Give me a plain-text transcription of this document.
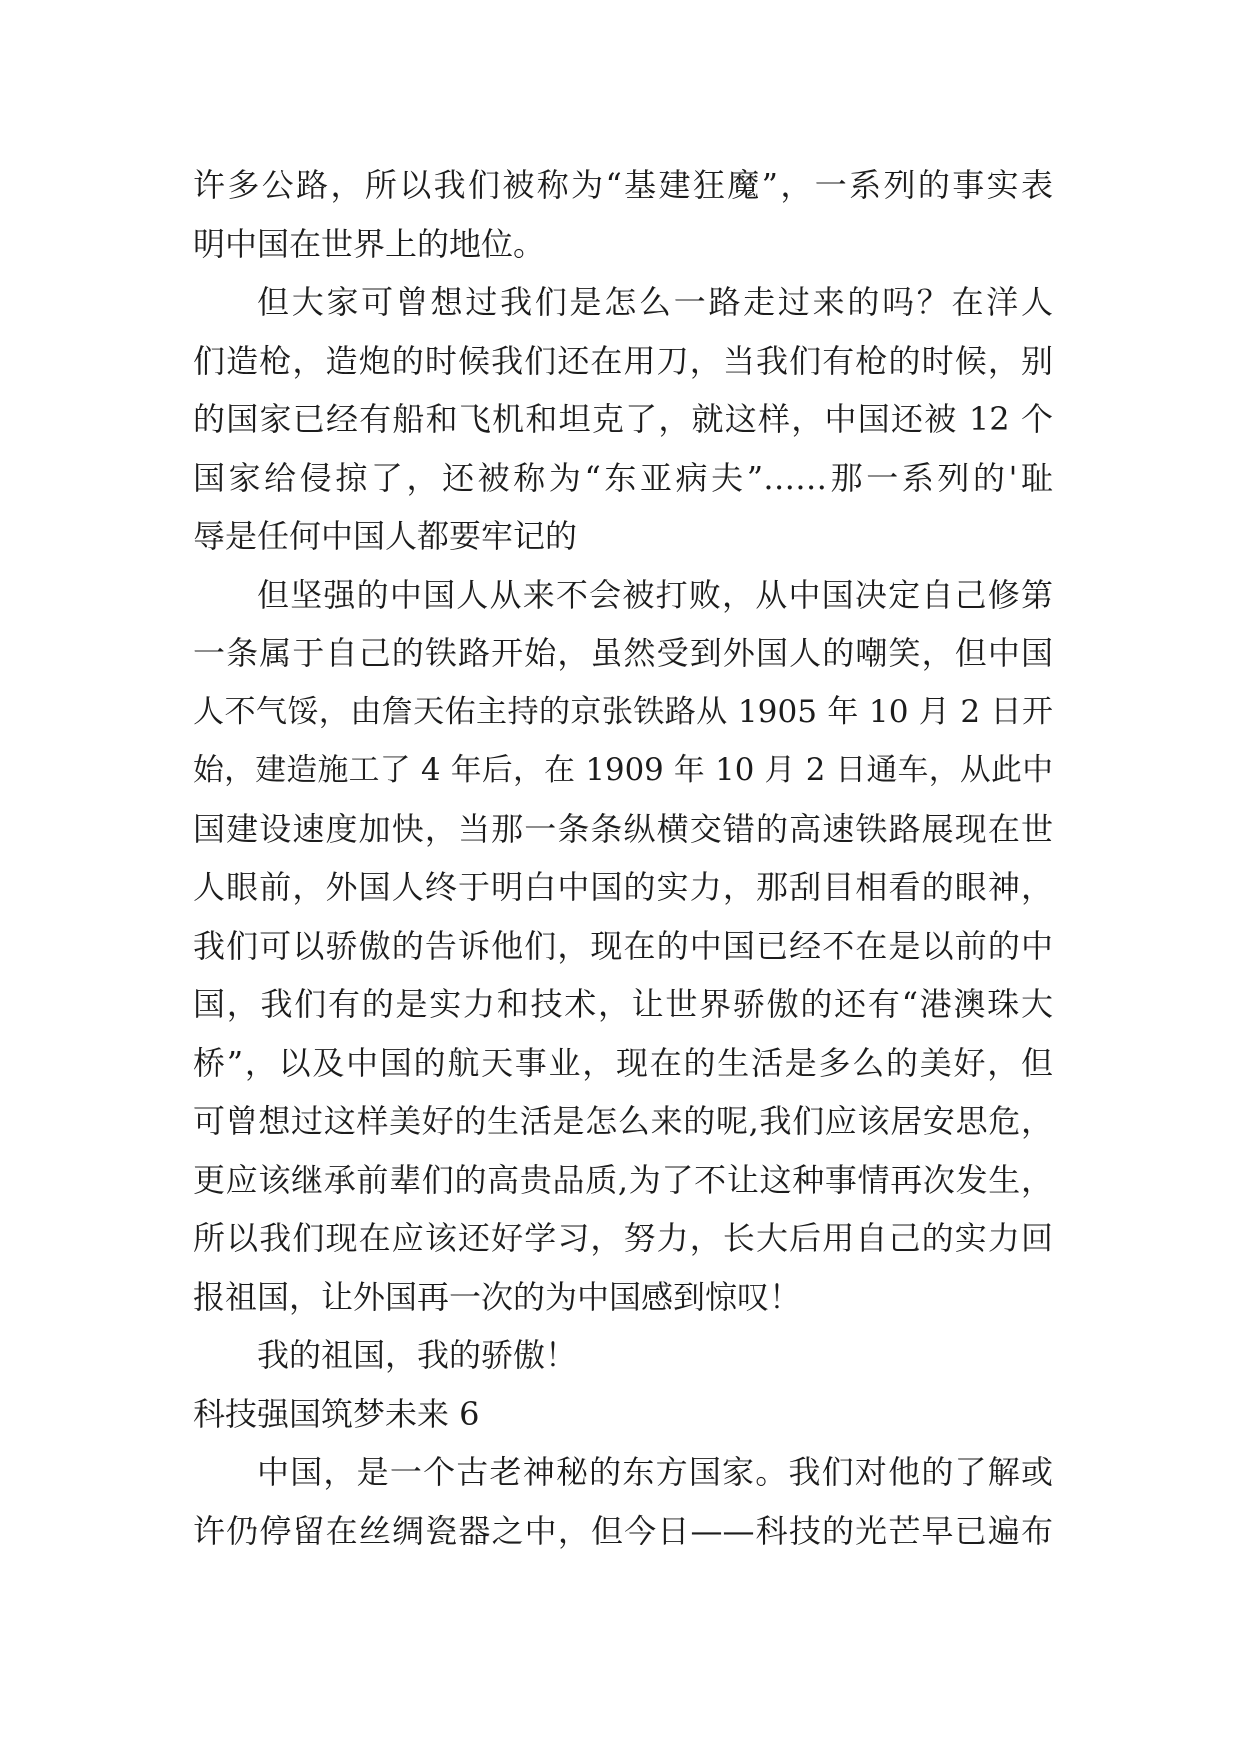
许多公路，所以我们被称为“基建狂魔”，一系列的事实表
明中国在世界上的地位。
但大家可曾想过我们是怎么一路走过来的吗？在洋人
们造枪，造炮的时候我们还在用刀，当我们有枪的时候，别
的国家已经有船和飞机和坦克了，就这样，中国还被 12 个
国家给侵掠了，还被称为“东亚病夫”……那一系列的'耻
辱是任何中国人都要牢记的
但坚强的中国人从来不会被打败，从中国决定自己修第
一条属于自己的铁路开始，虽然受到外国人的嘲笑，但中国
人不气馁，由詹天佑主持的京张铁路从 1905 年 10 月 2 日开
始，建造施工了 4 年后，在 1909 年 10 月 2 日通车，从此中
国建设速度加快，当那一条条纵横交错的高速铁路展现在世
人眼前，外国人终于明白中国的实力，那刮目相看的眼神，
我们可以骄傲的告诉他们，现在的中国已经不在是以前的中
国，我们有的是实力和技术，让世界骄傲的还有“港澳珠大
桥”，以及中国的航天事业，现在的生活是多么的美好，但
可曾想过这样美好的生活是怎么来的呢,我们应该居安思危，
更应该继承前辈们的高贵品质,为了不让这种事情再次发生，
所以我们现在应该还好学习，努力，长大后用自己的实力回
报祖国，让外国再一次的为中国感到惊叹！
我的祖国，我的骄傲！
科技强国筑梦未来 6
中国，是一个古老神秘的东方国家。我们对他的了解或
许仍停留在丝绸瓷器之中，但今日——科技的光芒早已遍布
